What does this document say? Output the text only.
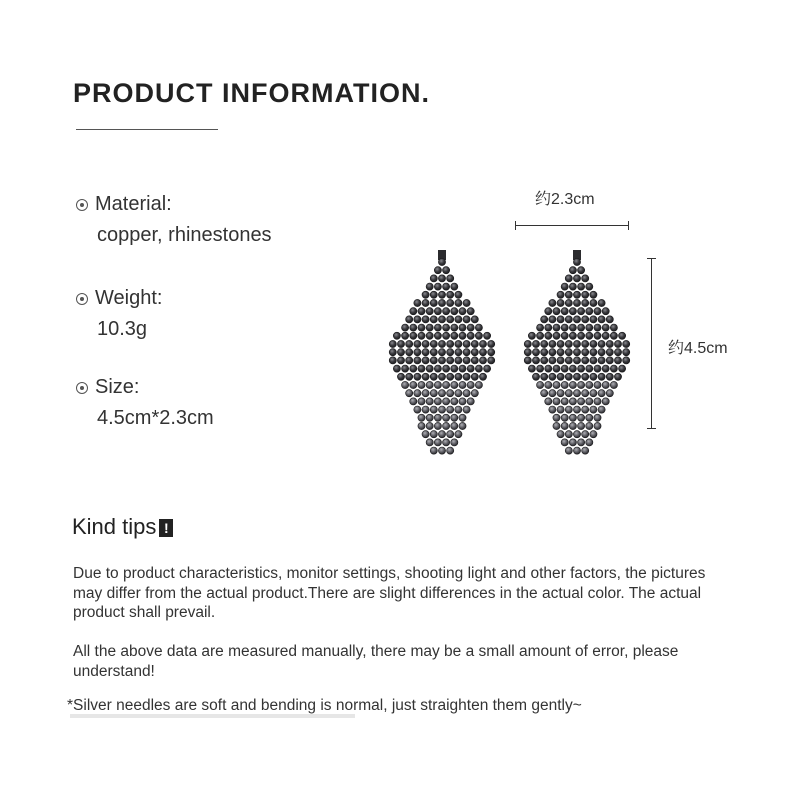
PRODUCT INFORMATION.
Material:
copper, rhinestones
Weight:
10.3g
Size:
4.5cm*2.3cm
约2.3cm
约4.5cm
Kind tips !

Due to product characteristics, monitor settings, shooting light and other factors, the pictures may differ from the actual product.There are slight differences in the actual color. The actual product shall prevail.

All the above data are measured manually, there may be a small amount of error, please understand!

*Silver needles are soft and bending is normal, just straighten them gently~
